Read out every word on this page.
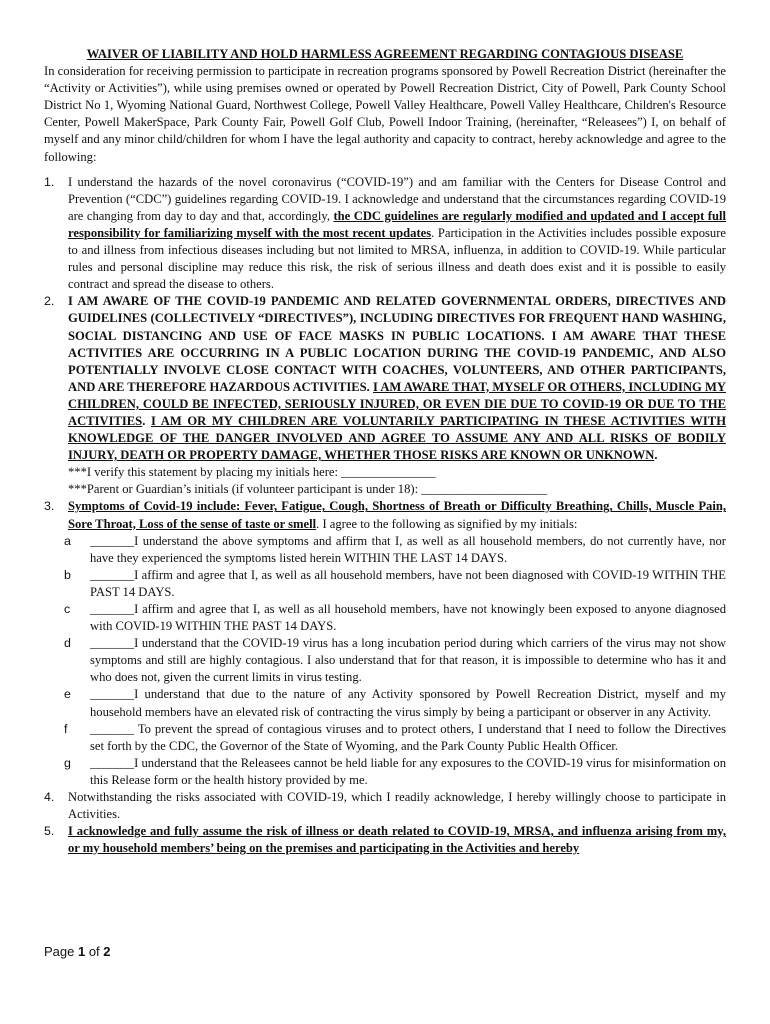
WAIVER OF LIABILITY AND HOLD HARMLESS AGREEMENT REGARDING CONTAGIOUS DISEASE

In consideration for receiving permission to participate in recreation programs sponsored by Powell Recreation District (hereinafter the “Activity or Activities”), while using premises owned or operated by Powell Recreation District, City of Powell, Park County School District No 1, Wyoming National Guard, Northwest College, Powell Valley Healthcare, Powell Valley Healthcare, Children's Resource Center, Powell MakerSpace, Park County Fair, Powell Golf Club, Powell Indoor Training, (hereinafter, “Releasees”) I, on behalf of myself and any minor child/children for whom I have the legal authority and capacity to contract, hereby acknowledge and agree to the following:

1. I understand the hazards of the novel coronavirus (“COVID-19”) and am familiar with the Centers for Disease Control and Prevention (“CDC”) guidelines regarding COVID-19. I acknowledge and understand that the circumstances regarding COVID-19 are changing from day to day and that, accordingly, the CDC guidelines are regularly modified and updated and I accept full responsibility for familiarizing myself with the most recent updates. Participation in the Activities includes possible exposure to and illness from infectious diseases including but not limited to MRSA, influenza, in addition to COVID-19. While particular rules and personal discipline may reduce this risk, the risk of serious illness and death does exist and it is possible to easily contract and spread the disease to others.
2. I AM AWARE OF THE COVID-19 PANDEMIC AND RELATED GOVERNMENTAL ORDERS, DIRECTIVES AND GUIDELINES (COLLECTIVELY “DIRECTIVES”), INCLUDING DIRECTIVES FOR FREQUENT HAND WASHING, SOCIAL DISTANCING AND USE OF FACE MASKS IN PUBLIC LOCATIONS. I AM AWARE THAT THESE ACTIVITIES ARE OCCURRING IN A PUBLIC LOCATION DURING THE COVID-19 PANDEMIC, AND ALSO POTENTIALLY INVOLVE CLOSE CONTACT WITH COACHES, VOLUNTEERS, AND OTHER PARTICIPANTS, AND ARE THEREFORE HAZARDOUS ACTIVITIES. I AM AWARE THAT, MYSELF OR OTHERS, INCLUDING MY CHILDREN, COULD BE INFECTED, SERIOUSLY INJURED, OR EVEN DIE DUE TO COVID-19 OR DUE TO THE ACTIVITIES. I AM OR MY CHILDREN ARE VOLUNTARILY PARTICIPATING IN THESE ACTIVITIES WITH KNOWLEDGE OF THE DANGER INVOLVED AND AGREE TO ASSUME ANY AND ALL RISKS OF BODILY INJURY, DEATH OR PROPERTY DAMAGE, WHETHER THOSE RISKS ARE KNOWN OR UNKNOWN.
***I verify this statement by placing my initials here: _______________
***Parent or Guardian’s initials (if volunteer participant is under 18): ____________________
3. Symptoms of Covid-19 include: Fever, Fatigue, Cough, Shortness of Breath or Difficulty Breathing, Chills, Muscle Pain, Sore Throat, Loss of the sense of taste or smell. I agree to the following as signified by my initials:
a _______I understand the above symptoms and affirm that I, as well as all household members, do not currently have, nor have they experienced the symptoms listed herein WITHIN THE LAST 14 DAYS.
b _______I affirm and agree that I, as well as all household members, have not been diagnosed with COVID-19 WITHIN THE PAST 14 DAYS.
c _______I affirm and agree that I, as well as all household members, have not knowingly been exposed to anyone diagnosed with COVID-19 WITHIN THE PAST 14 DAYS.
d _______I understand that the COVID-19 virus has a long incubation period during which carriers of the virus may not show symptoms and still are highly contagious. I also understand that for that reason, it is impossible to determine who has it and who does not, given the current limits in virus testing.
e _______I understand that due to the nature of any Activity sponsored by Powell Recreation District, myself and my household members have an elevated risk of contracting the virus simply by being a participant or observer in any Activity.
f _______ To prevent the spread of contagious viruses and to protect others, I understand that I need to follow the Directives set forth by the CDC, the Governor of the State of Wyoming, and the Park County Public Health Officer.
g _______I understand that the Releasees cannot be held liable for any exposures to the COVID-19 virus for misinformation on this Release form or the health history provided by me.
4. Notwithstanding the risks associated with COVID-19, which I readily acknowledge, I hereby willingly choose to participate in Activities.
5. I acknowledge and fully assume the risk of illness or death related to COVID-19, MRSA, and influenza arising from my, or my household members’ being on the premises and participating in the Activities and hereby
Page 1 of 2
